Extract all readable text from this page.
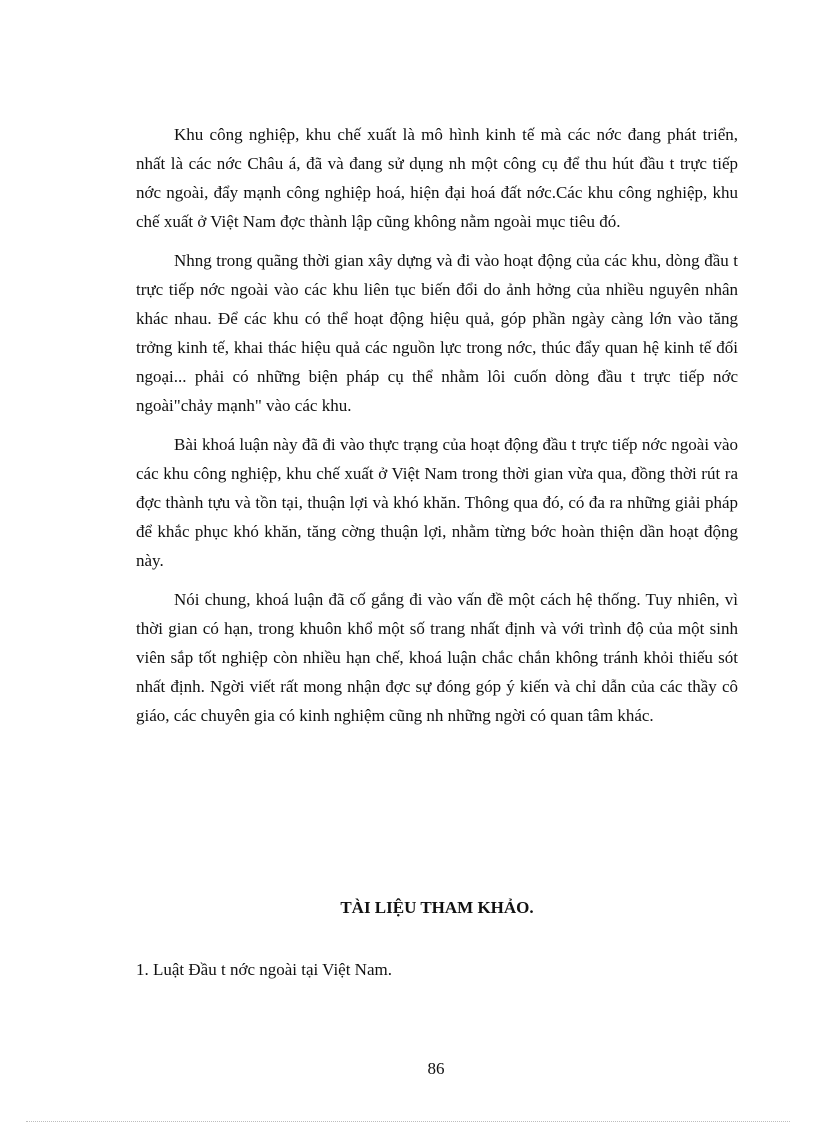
Khu công nghiệp, khu chế xuất là mô hình kinh tế mà các nớc đang phát triển, nhất là các nớc Châu á, đã và đang sử dụng nh một công cụ để thu hút đầu t trực tiếp nớc ngoài, đẩy mạnh công nghiệp hoá, hiện đại hoá đất nớc.Các khu công nghiệp, khu chế xuất ở Việt Nam đợc thành lập cũng không nằm ngoài mục tiêu đó.

Nhng trong quãng thời gian xây dựng và đi vào hoạt động của các khu, dòng đầu t trực tiếp nớc ngoài vào các khu liên tục biến đổi do ảnh hởng của nhiều nguyên nhân khác nhau. Để các khu có thể hoạt động hiệu quả, góp phần ngày càng lớn vào tăng trởng kinh tế, khai thác hiệu quả các nguồn lực trong nớc, thúc đẩy quan hệ kinh tế đối ngoại... phải có những biện pháp cụ thể nhằm lôi cuốn dòng đầu t trực tiếp nớc ngoài"chảy mạnh" vào các khu.

Bài khoá luận này đã đi vào thực trạng của hoạt động đầu t trực tiếp nớc ngoài vào các khu công nghiệp, khu chế xuất ở Việt Nam trong thời gian vừa qua, đồng thời rút ra đợc thành tựu và tồn tại, thuận lợi và khó khăn. Thông qua đó, có đa ra những giải pháp để khắc phục khó khăn, tăng cờng thuận lợi, nhằm từng bớc hoàn thiện dần hoạt động này.

Nói chung, khoá luận đã cố gắng đi vào vấn đề một cách hệ thống. Tuy nhiên, vì thời gian có hạn, trong khuôn khổ một số trang nhất định và với trình độ của một sinh viên sắp tốt nghiệp còn nhiều hạn chế, khoá luận chắc chắn không tránh khỏi thiếu sót nhất định. Ngời viết rất mong nhận đợc sự đóng góp ý kiến và chỉ dẫn của các thầy cô giáo, các chuyên gia có kinh nghiệm cũng nh những ngời có quan tâm khác.

TÀI LIỆU THAM KHẢO.

1. Luật Đầu t nớc ngoài tại Việt Nam.

86
